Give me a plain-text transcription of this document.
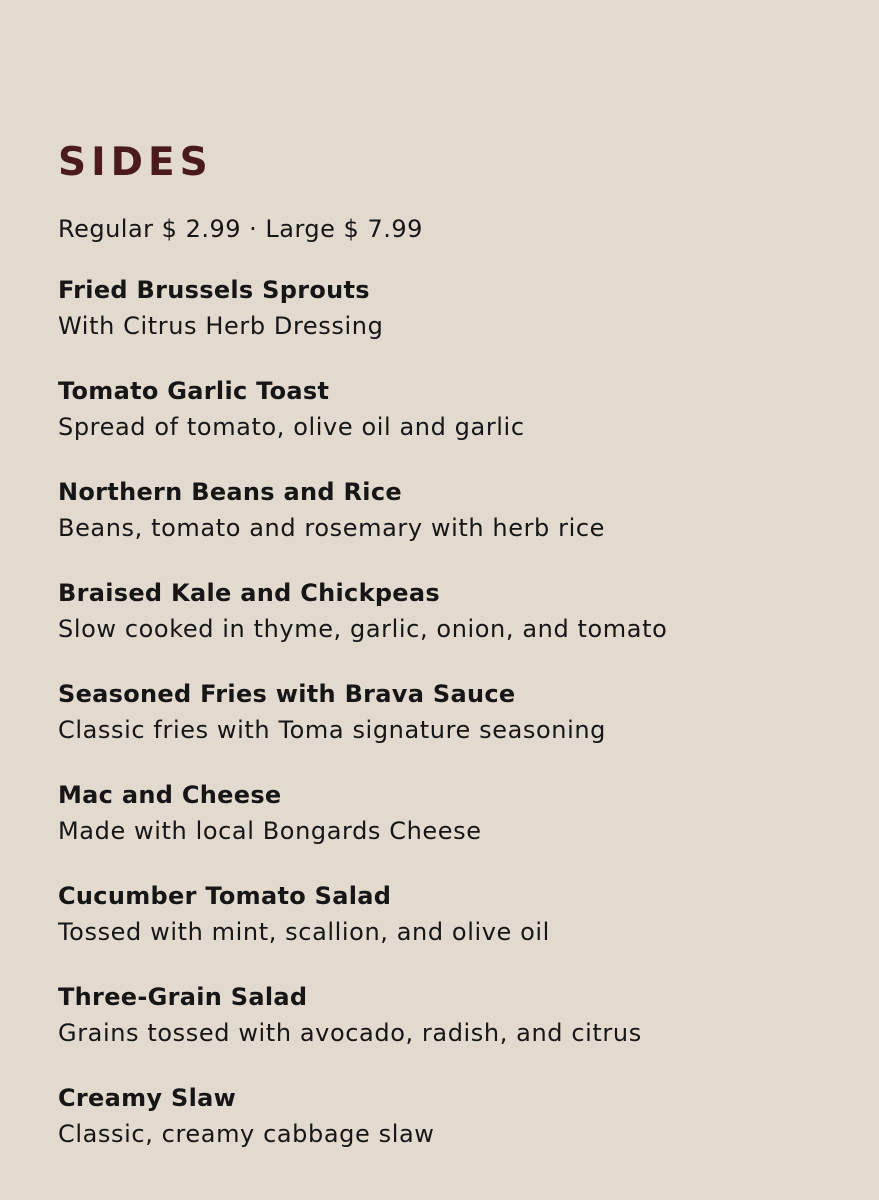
SIDES
Regular $ 2.99 · Large $ 7.99
Fried Brussels Sprouts
With Citrus Herb Dressing
Tomato Garlic Toast
Spread of tomato, olive oil and garlic
Northern Beans and Rice
Beans, tomato and rosemary with herb rice
Braised Kale and Chickpeas
Slow cooked in thyme, garlic, onion, and tomato
Seasoned Fries with Brava Sauce
Classic fries with Toma signature seasoning
Mac and Cheese
Made with local Bongards Cheese
Cucumber Tomato Salad
Tossed with mint, scallion, and olive oil
Three-Grain Salad
Grains tossed with avocado, radish, and citrus
Creamy Slaw
Classic, creamy cabbage slaw
